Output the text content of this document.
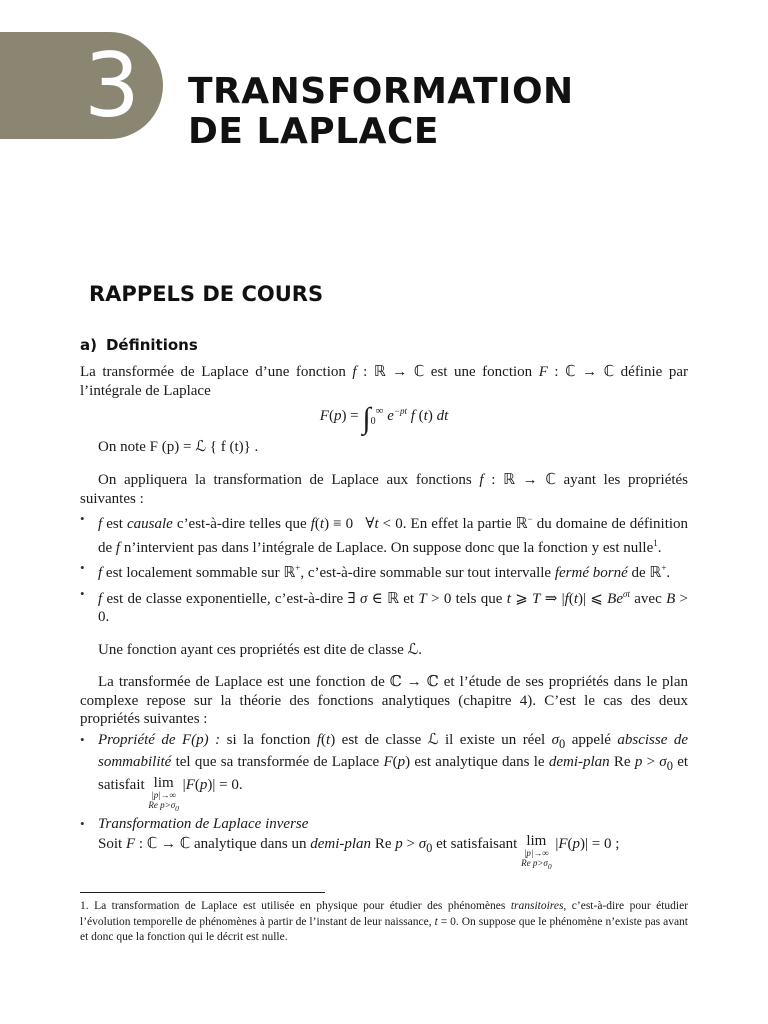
3 TRANSFORMATION
DE LAPLACE
RAPPELS DE COURS
a) Définitions

La transformée de Laplace d’une fonction f : ℝ → ℂ est une fonction F : ℂ → ℂ définie par l’intégrale de Laplace

$F(p) = \int_0^\infty$ $e^{-pt}$ f (t) dt

On note F (p) = ℒ { f (t)} .

On appliquera la transformation de Laplace aux fonctions f : ℝ → ℂ ayant les propriétés suivantes :

• f est causale c’est-à-dire telles que f(t) ≡ 0   ∀t < 0. En effet la partie ℝ− du domaine de définition de f n’intervient pas dans l’intégrale de Laplace. On suppose donc que la fonction y est nulle$^1$.
• f est localement sommable sur ℝ+, c’est-à-dire sommable sur tout intervalle fermé borné de ℝ+.
• f est de classe exponentielle, c’est-à-dire ∃ σ ∈ ℝ et T > 0 tels que t ⩾ T ⇒ |f(t)| ⩽ $Be^{\sigma t}$ avec B > 0.

Une fonction ayant ces propriétés est dite de classe ℒ.

La transformée de Laplace est une fonction de ℂ → ℂ et l’étude de ses propriétés dans le plan complexe repose sur la théorie des fonctions analytiques (chapitre 4). C’est le cas des deux propriétés suivantes :

• Propriété de F(p) : si la fonction f(t) est de classe ℒ il existe un réel $\sigma_0$ appelé abscisse de sommabilité tel que sa transformée de Laplace F(p) est analytique dans le demi-plan Re $p > \sigma_0$ et satisfait lim
|p|→∞
Re $p>\sigma_0$
|F(p)| = 0.
• Transformation de Laplace inverse
Soit F : ℂ → ℂ analytique dans un demi-plan Re $p > \sigma_0$ et satisfaisant lim
|p|→∞
Re $p>\sigma_0$
|F(p)| = 0 ;

1. La transformation de Laplace est utilisée en physique pour étudier des phénomènes transitoires, c’est-à-dire pour étudier l’évolution temporelle de phénomènes à partir de l’instant de leur naissance, t = 0. On suppose que le phénomène n’existe pas avant et donc que la fonction qui le décrit est nulle.
